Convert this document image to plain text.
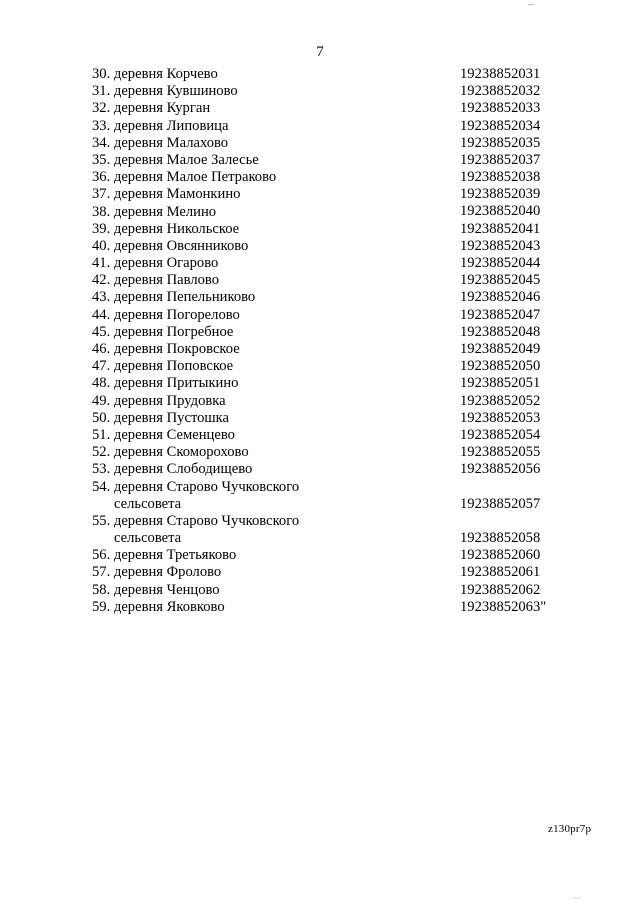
7
30. деревня Корчево	19238852031
31. деревня Кувшиново	19238852032
32. деревня Курган	19238852033
33. деревня Липовица	19238852034
34. деревня Малахово	19238852035
35. деревня Малое Залесье	19238852037
36. деревня Малое Петраково	19238852038
37. деревня Мамонкино	19238852039
38. деревня Мелино	19238852040
39. деревня Никольское	19238852041
40. деревня Овсянниково	19238852043
41. деревня Огарово	19238852044
42. деревня Павлово	19238852045
43. деревня Пепельниково	19238852046
44. деревня Погорелово	19238852047
45. деревня Погребное	19238852048
46. деревня Покровское	19238852049
47. деревня Поповское	19238852050
48. деревня Притыкино	19238852051
49. деревня Прудовка	19238852052
50. деревня Пустошка	19238852053
51. деревня Семенцево	19238852054
52. деревня Скоморохово	19238852055
53. деревня Слободищево	19238852056
54. деревня Старово Чучковского
сельсовета	19238852057
55. деревня Старово Чучковского
сельсовета	19238852058
56. деревня Третьяково	19238852060
57. деревня Фролово	19238852061
58. деревня Ченцово	19238852062
59. деревня Яковково	19238852063"
z130pr7p
´´´
